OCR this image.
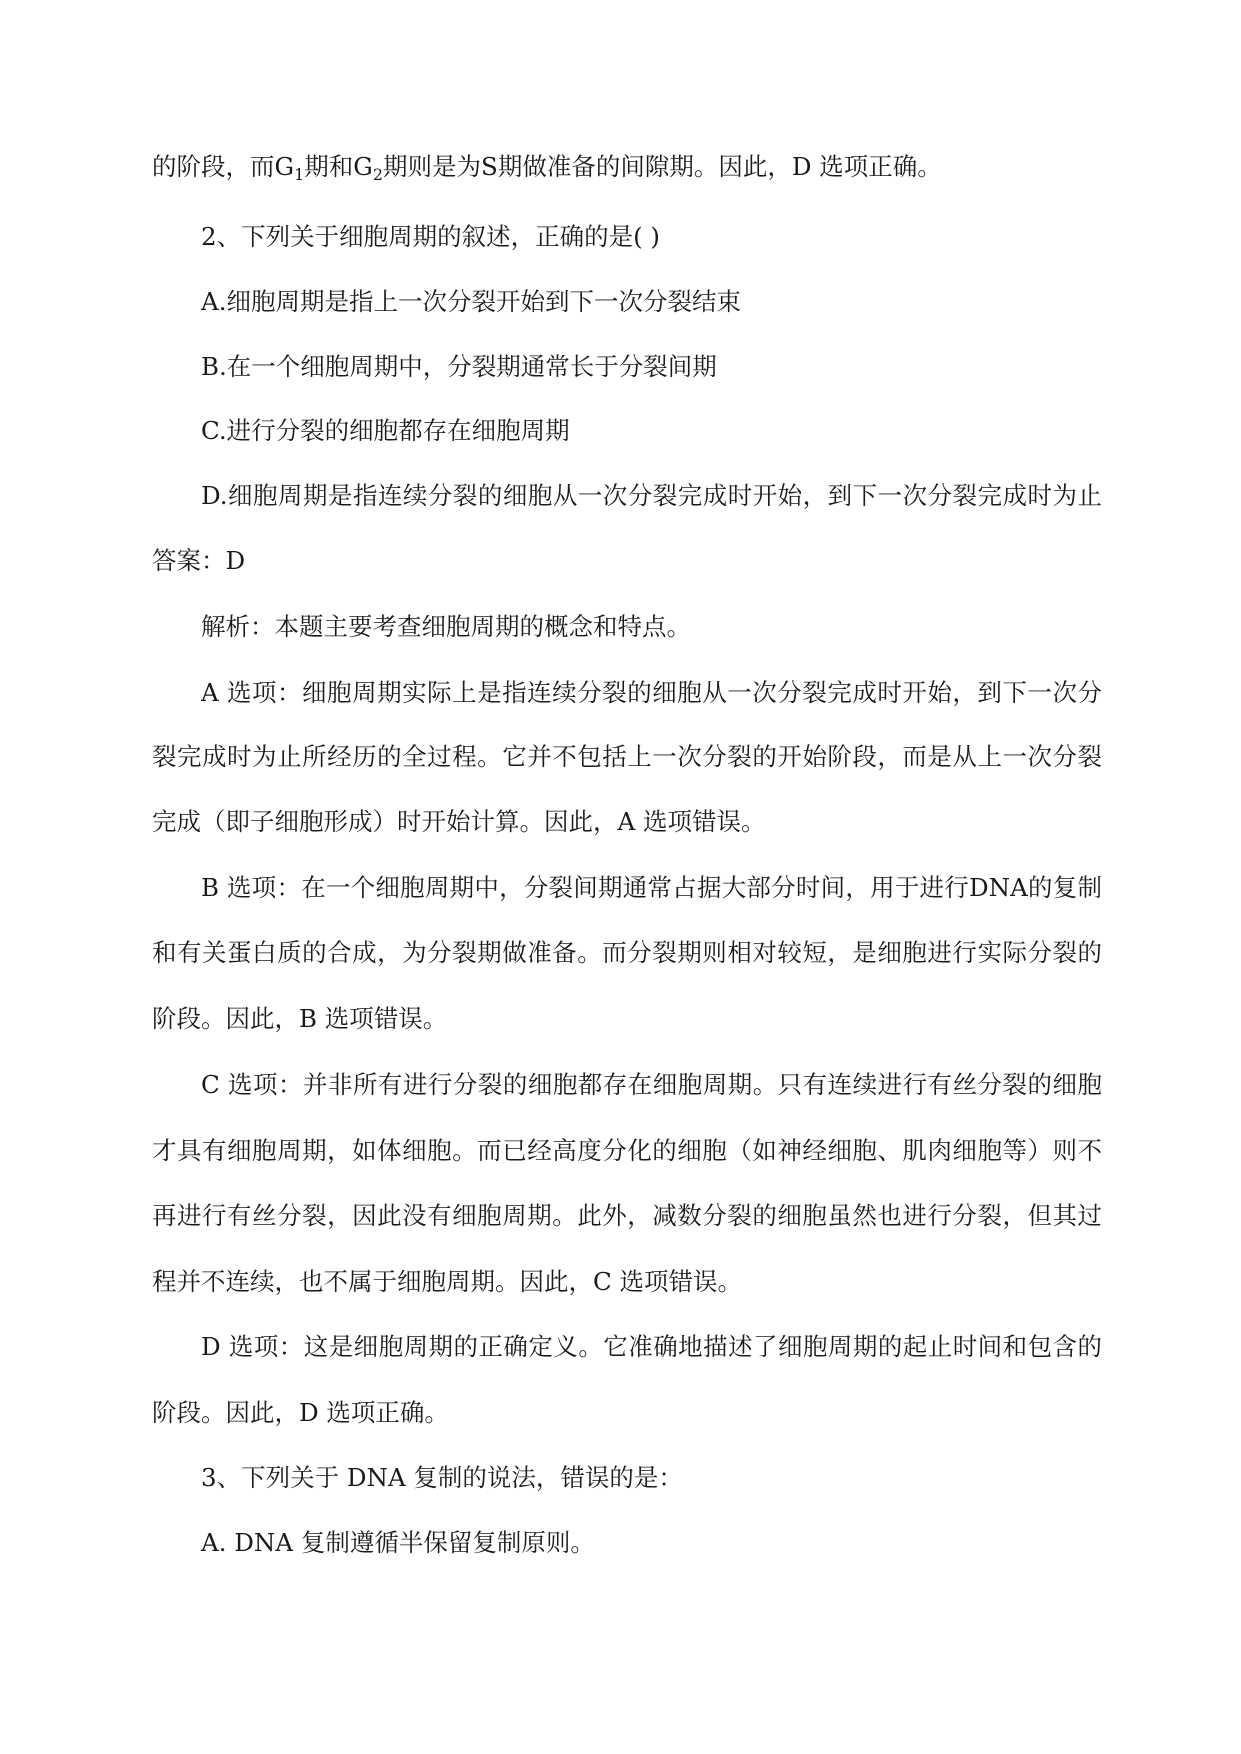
的阶段，而$G_1$期和$G_2$期则是为S期做准备的间隙期。因此，D 选项正确。
2、下列关于细胞周期的叙述，正确的是( )
A.细胞周期是指上一次分裂开始到下一次分裂结束
B.在一个细胞周期中，分裂期通常长于分裂间期
C.进行分裂的细胞都存在细胞周期
D.细胞周期是指连续分裂的细胞从一次分裂完成时开始，到下一次分裂完成时为止
答案：D
解析：本题主要考查细胞周期的概念和特点。
A 选项：细胞周期实际上是指连续分裂的细胞从一次分裂完成时开始，到下一次分
裂完成时为止所经历的全过程。它并不包括上一次分裂的开始阶段，而是从上一次分裂
完成（即子细胞形成）时开始计算。因此，A 选项错误。
B 选项：在一个细胞周期中，分裂间期通常占据大部分时间，用于进行DNA的复制
和有关蛋白质的合成，为分裂期做准备。而分裂期则相对较短，是细胞进行实际分裂的
阶段。因此，B 选项错误。
C 选项：并非所有进行分裂的细胞都存在细胞周期。只有连续进行有丝分裂的细胞
才具有细胞周期，如体细胞。而已经高度分化的细胞（如神经细胞、肌肉细胞等）则不
再进行有丝分裂，因此没有细胞周期。此外，减数分裂的细胞虽然也进行分裂，但其过
程并不连续，也不属于细胞周期。因此，C 选项错误。
D 选项：这是细胞周期的正确定义。它准确地描述了细胞周期的起止时间和包含的
阶段。因此，D 选项正确。
3、下列关于 DNA 复制的说法，错误的是：
A. DNA 复制遵循半保留复制原则。
